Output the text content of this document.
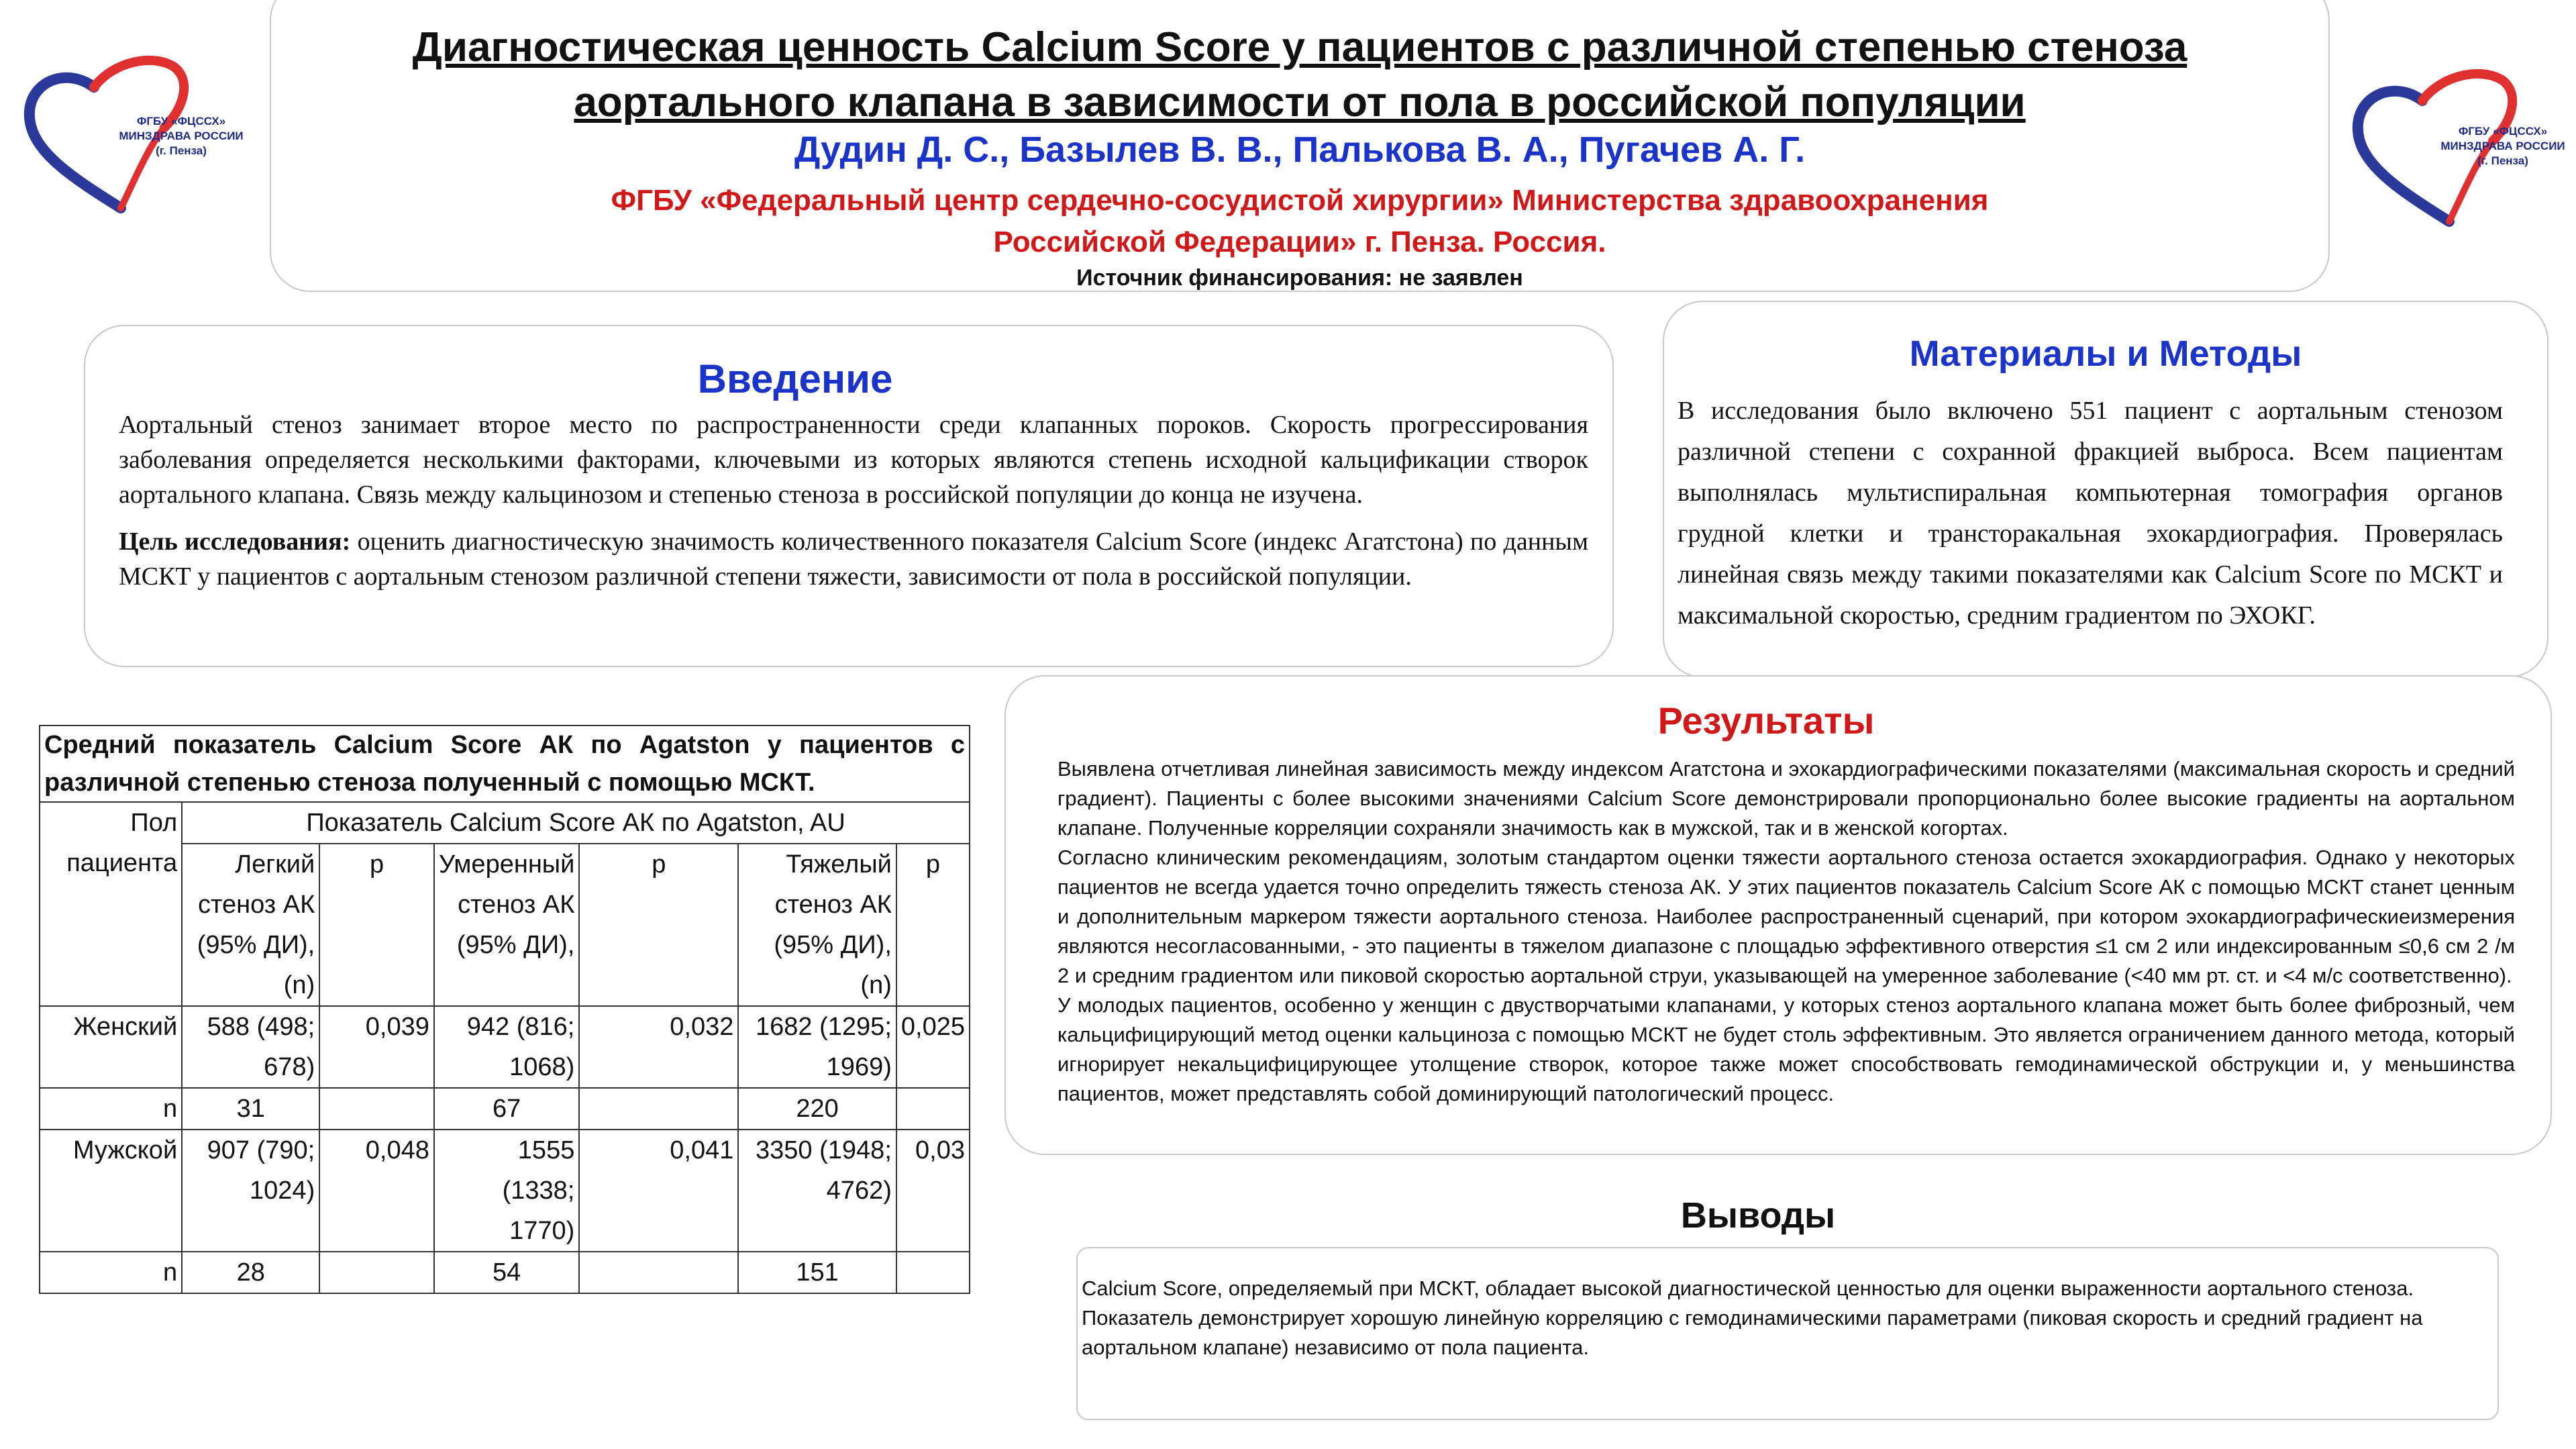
ФГБУ «ФЦССХ»
МИНЗДРАВА РОССИИ
(г. Пенза)
ФГБУ «ФЦССХ»
МИНЗДРАВА РОССИИ
(г. Пенза)
Диагностическая ценность Calcium Score у пациентов с различной степенью стеноза
аортального клапана в зависимости от пола в российской популяции
Дудин Д. С., Базылев В. В., Палькова В. А., Пугачев А. Г.
ФГБУ «Федеральный центр сердечно-сосудистой хирургии» Министерства здравоохранения
Российской Федерации» г. Пенза. Россия.
Источник финансирования: не заявлен
Введение

Аортальный стеноз занимает второе место по распространенности среди клапанных пороков. Скорость прогрессирования заболевания определяется несколькими факторами, ключевыми из которых являются степень исходной кальцификации створок аортального клапана. Связь между кальцинозом и степенью стеноза в российской популяции до конца не изучена.

Цель исследования: оценить диагностическую значимость количественного показателя Calcium Score (индекс Агатстона) по данным МСКТ у пациентов с аортальным стенозом различной степени тяжести, зависимости от пола в российской популяции.

Материалы и Методы
В исследования было включено 551 пациент с аортальным стенозом различной степени с сохранной фракцией выброса. Всем пациентам выполнялась мультиспиральная компьютерная томография органов грудной клетки и трансторакальная эхокардиография. Проверялась линейная связь между такими показателями как Calcium Score по МСКТ и максимальной скоростью, средним градиентом по ЭХОКГ.
Средний показатель Calcium Score АК по Agatston у пациентов с различной степенью стеноза полученный с помощью МСКТ.						
Пол пациента	Показатель Calcium Score АК по Agatston, AU					
	Легкий стеноз АК (95% ДИ), (n)	p	Умеренный стеноз АК (95% ДИ),	p	Тяжелый стеноз АК (95% ДИ), (n)	p
Женский	588 (498; 678)	0,039	942 (816; 1068)	0,032	1682 (1295; 1969)	0,025
n	31		67		220	
Мужской	907 (790; 1024)	0,048	1555 (1338; 1770)	0,041	3350 (1948; 4762)	0,03
n	28		54		151	
Результаты

Выявлена отчетливая линейная зависимость между индексом Агатстона и эхокардиографическими показателями (максимальная скорость и средний градиент). Пациенты с более высокими значениями Calcium Score демонстрировали пропорционально более высокие градиенты на аортальном клапане. Полученные корреляции сохраняли значимость как в мужской, так и в женской когортах.

Согласно клиническим рекомендациям, золотым стандартом оценки тяжести аортального стеноза остается эхокардиография. Однако у некоторых пациентов не всегда удается точно определить тяжесть стеноза АК. У этих пациентов показатель Calcium Score АК с помощью МСКТ станет ценным и дополнительным маркером тяжести аортального стеноза. Наиболее распространенный сценарий, при котором эхокардиографическиеизмерения являются несогласованными, - это пациенты в тяжелом диапазоне с площадью эффективного отверстия ≤1 см 2 или индексированным ≤0,6 см 2 /м 2 и средним градиентом или пиковой скоростью аортальной струи, указывающей на умеренное заболевание (<40 мм рт. ст. и <4 м/с соответственно).

У молодых пациентов, особенно у женщин с двустворчатыми клапанами, у которых стеноз аортального клапана может быть более фиброзный, чем кальцифицирующий метод оценки кальциноза с помощью МСКТ не будет столь эффективным. Это является ограничением данного метода, который игнорирует некальцифицирующее утолщение створок, которое также может способствовать гемодинамической обструкции и, у меньшинства пациентов, может представлять собой доминирующий патологический процесс.

Выводы

Calcium Score, определяемый при МСКТ, обладает высокой диагностической ценностью для оценки выраженности аортального стеноза.

Показатель демонстрирует хорошую линейную корреляцию с гемодинамическими параметрами (пиковая скорость и средний градиент на аортальном клапане) независимо от пола пациента.
